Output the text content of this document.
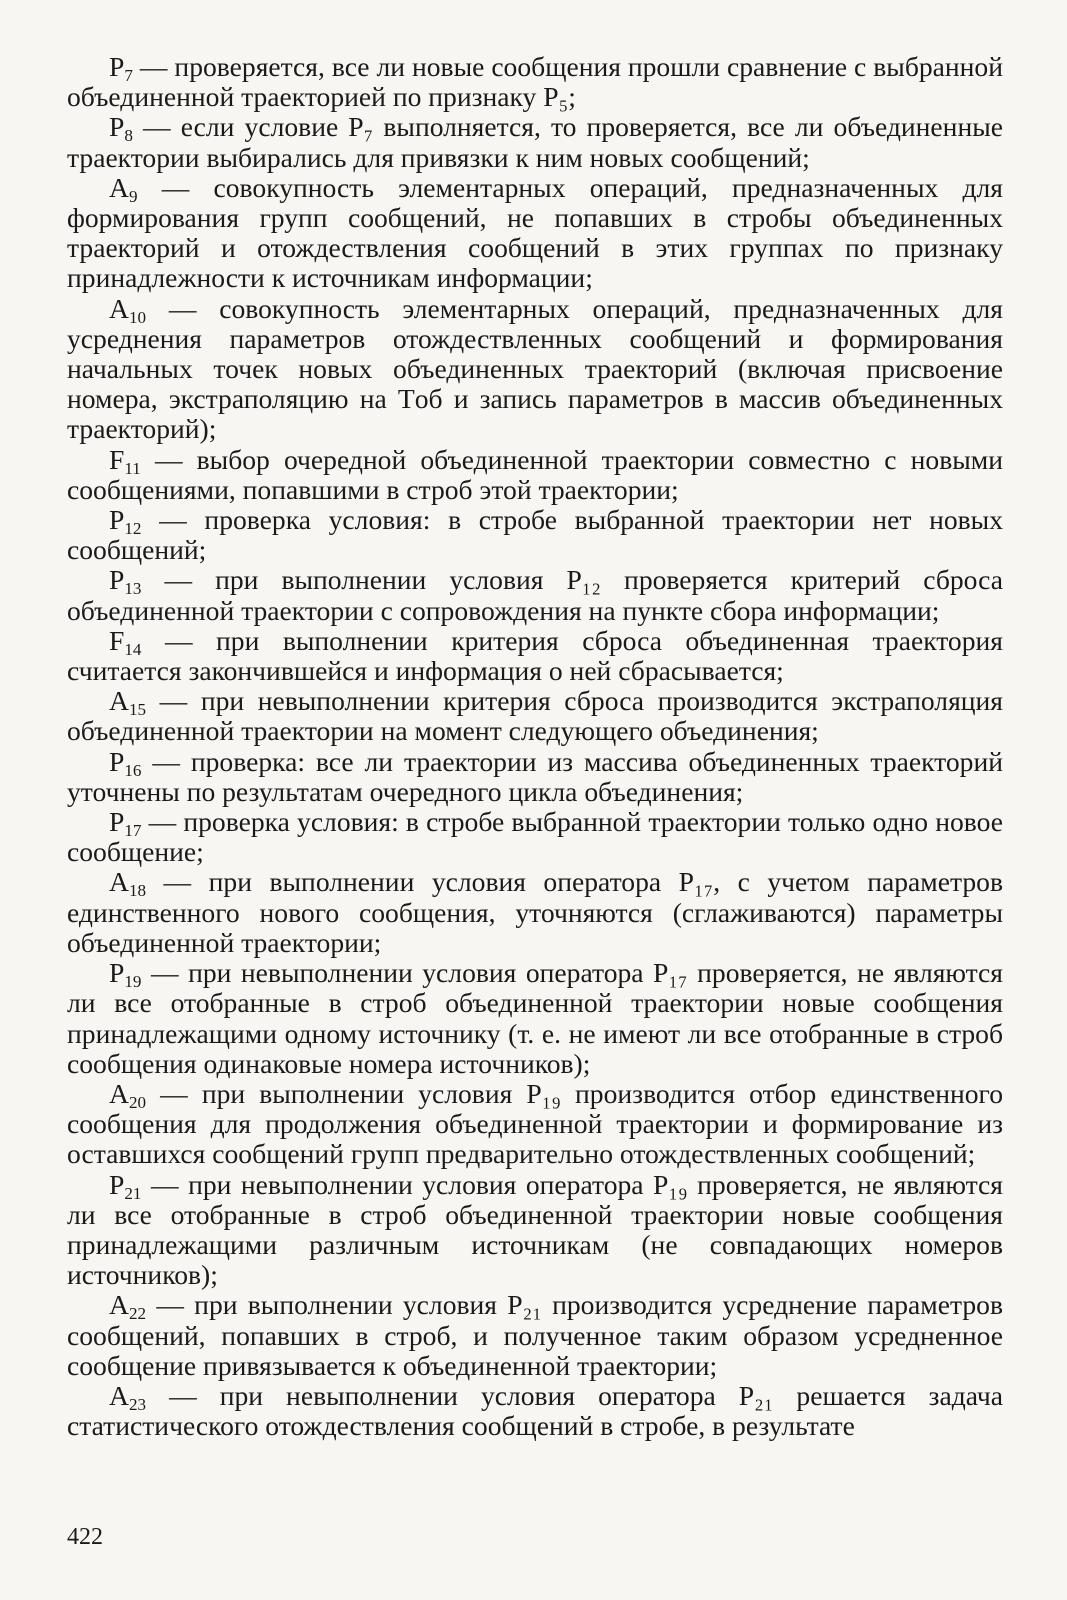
$P_7$ — проверяется, все ли новые сообщения прошли сравнение с выбранной объединенной траекторией по признаку P₅;

$P_8$ — если условие P₇ выполняется, то проверяется, все ли объединенные траектории выбирались для привязки к ним новых сообщений;

$A_9$ — совокупность элементарных операций, предназначенных для формирования групп сообщений, не попавших в стробы объединенных траекторий и отождествления сообщений в этих группах по признаку принадлежности к источникам информации;

$A_{10}$ — совокупность элементарных операций, предназначенных для усреднения параметров отождествленных сообщений и формирования начальных точек новых объединенных траекторий (включая присвоение номера, экстраполяцию на Tоб и запись параметров в массив объединенных траекторий);

$F_{11}$ — выбор очередной объединенной траектории совместно с новыми сообщениями, попавшими в строб этой траектории;

$P_{12}$ — проверка условия: в стробе выбранной траектории нет новых сообщений;

$P_{13}$ — при выполнении условия P₁₂ проверяется критерий сброса объединенной траектории с сопровождения на пункте сбора информации;

$F_{14}$ — при выполнении критерия сброса объединенная траектория считается закончившейся и информация о ней сбрасывается;

$A_{15}$ — при невыполнении критерия сброса производится экстраполяция объединенной траектории на момент следующего объединения;

$P_{16}$ — проверка: все ли траектории из массива объединенных траекторий уточнены по результатам очередного цикла объединения;

$P_{17}$ — проверка условия: в стробе выбранной траектории только одно новое сообщение;

$A_{18}$ — при выполнении условия оператора P₁₇, с учетом параметров единственного нового сообщения, уточняются (сглаживаются) параметры объединенной траектории;

$P_{19}$ — при невыполнении условия оператора P₁₇ проверяется, не являются ли все отобранные в строб объединенной траектории новые сообщения принадлежащими одному источнику (т. е. не имеют ли все отобранные в строб сообщения одинаковые номера источников);

$A_{20}$ — при выполнении условия P₁₉ производится отбор единственного сообщения для продолжения объединенной траектории и формирование из оставшихся сообщений групп предварительно отождествленных сообщений;

$P_{21}$ — при невыполнении условия оператора P₁₉ проверяется, не являются ли все отобранные в строб объединенной траектории новые сообщения принадлежащими различным источникам (не совпадающих номеров источников);

$A_{22}$ — при выполнении условия P₂₁ производится усреднение параметров сообщений, попавших в строб, и полученное таким образом усредненное сообщение привязывается к объединенной траектории;

$A_{23}$ — при невыполнении условия оператора P₂₁ решается задача статистического отождествления сообщений в стробе, в результате

422
